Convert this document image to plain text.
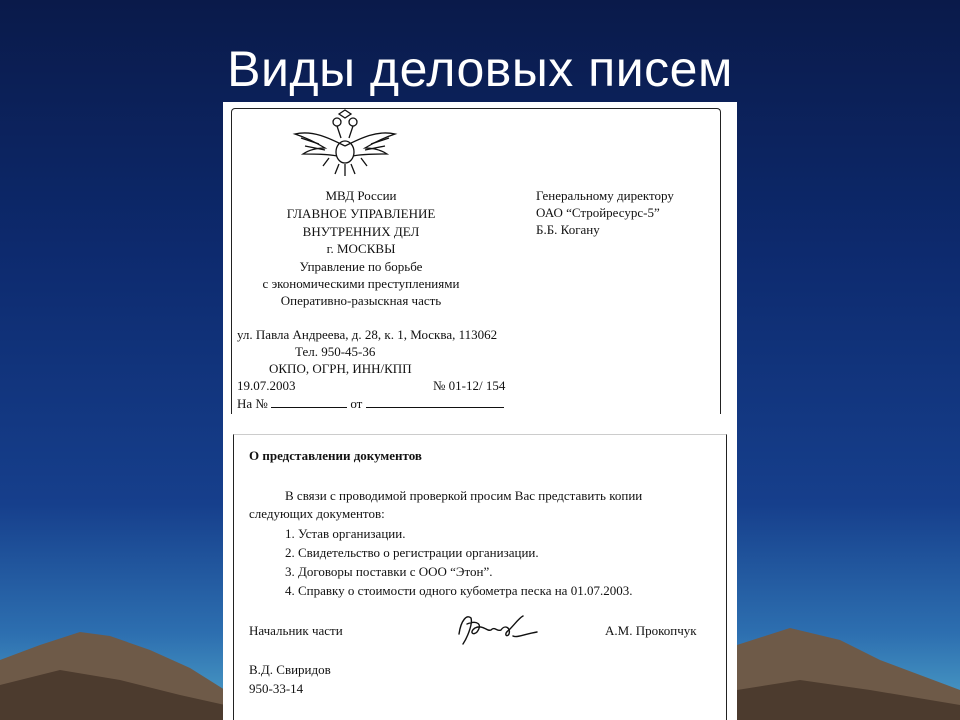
Виды деловых писем
МВД России
ГЛАВНОЕ УПРАВЛЕНИЕ
ВНУТРЕННИХ ДЕЛ
г. МОСКВЫ
Управление по борьбе
с экономическими преступлениями
Оперативно-разыскная часть
ул. Павла Андреева, д. 28, к. 1, Москва, 113062
Тел. 950-45-36
ОКПО, ОГРН, ИНН/КПП
19.07.2003	№ 01-12/ 154
На №	от
Генеральному директору
ОАО “Стройресурс-5”
Б.Б. Когану
О представлении документов
В связи с проводимой проверкой просим Вас представить копии
следующих документов:
1. Устав организации.
2. Свидетельство о регистрации организации.
3. Договоры поставки с ООО “Этон”.
4. Справку о стоимости одного кубометра песка на 01.07.2003.
Начальник части	А.М. Прокопчук
В.Д. Свиридов
950-33-14
